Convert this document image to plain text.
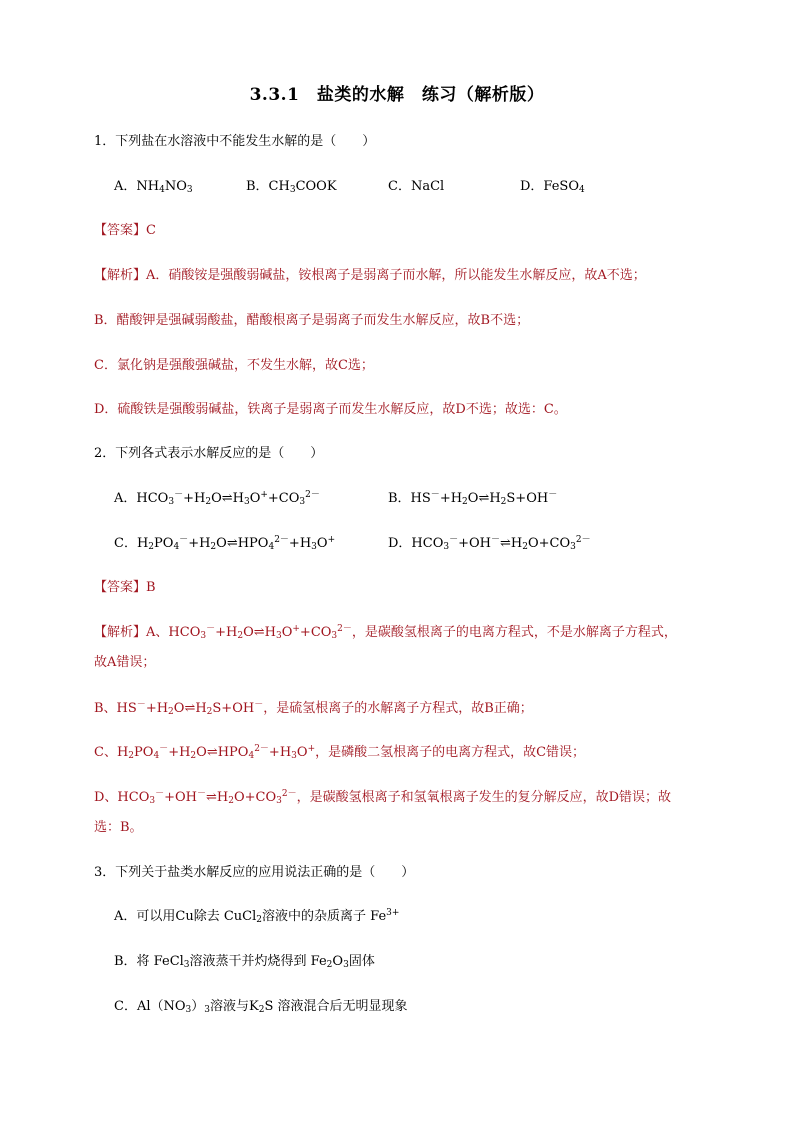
3.3.1　盐类的水解　练习（解析版）
1．下列盐在水溶液中不能发生水解的是（　　）
A．$NH_4NO_3$	B．$CH_3COOK$	C．NaCl	D．FeSO$_4$
【答案】C
【解析】A．硝酸铵是强酸弱碱盐，铵根离子是弱离子而水解，所以能发生水解反应，故A不选；
B．醋酸钾是强碱弱酸盐，醋酸根离子是弱离子而发生水解反应，故B不选；
C．氯化钠是强酸强碱盐，不发生水解，故C选；
D．硫酸铁是强酸弱碱盐，铁离子是弱离子而发生水解反应，故D不选；故选：C。
2．下列各式表示水解反应的是（　　）
A．$HCO_3^-+H_2O\rightleftharpoons H_3O^++CO_3^{2-}$	B．$HS^-+H_2O\rightleftharpoons H_2S+OH^-$
C．$H_2PO_4^-+H_2O\rightleftharpoons HPO_4^{2-}+H_3O^+$	D．$HCO_3^-+OH^-\rightleftharpoons H_2O+CO_3^{2-}$
【答案】B
【解析】A、$HCO_3^-+H_2O\rightleftharpoons H_3O^++CO_3^{2-}$，是碳酸氢根离子的电离方程式，不是水解离子方程式，
故A错误；
B、$HS^-+H_2O\rightleftharpoons H_2S+OH^-$，是硫氢根离子的水解离子方程式，故B正确；
C、$H_2PO_4^-+H_2O\rightleftharpoons HPO_4^{2-}+H_3O^+$，是磷酸二氢根离子的电离方程式，故C错误；
D、$HCO_3^-+OH^-\rightleftharpoons H_2O+CO_3^{2-}$，是碳酸氢根离子和氢氧根离子发生的复分解反应，故D错误；故
选：B。
3．下列关于盐类水解反应的应用说法正确的是（　　）
A．可以用Cu除去 CuCl$_2$溶液中的杂质离子 $Fe^{3+}$
B．将 FeCl$_3$溶液蒸干并灼烧得到 $Fe_2O_3$固体
C．$Al(NO_3)_3$溶液与$K_2S$ 溶液混合后无明显现象
